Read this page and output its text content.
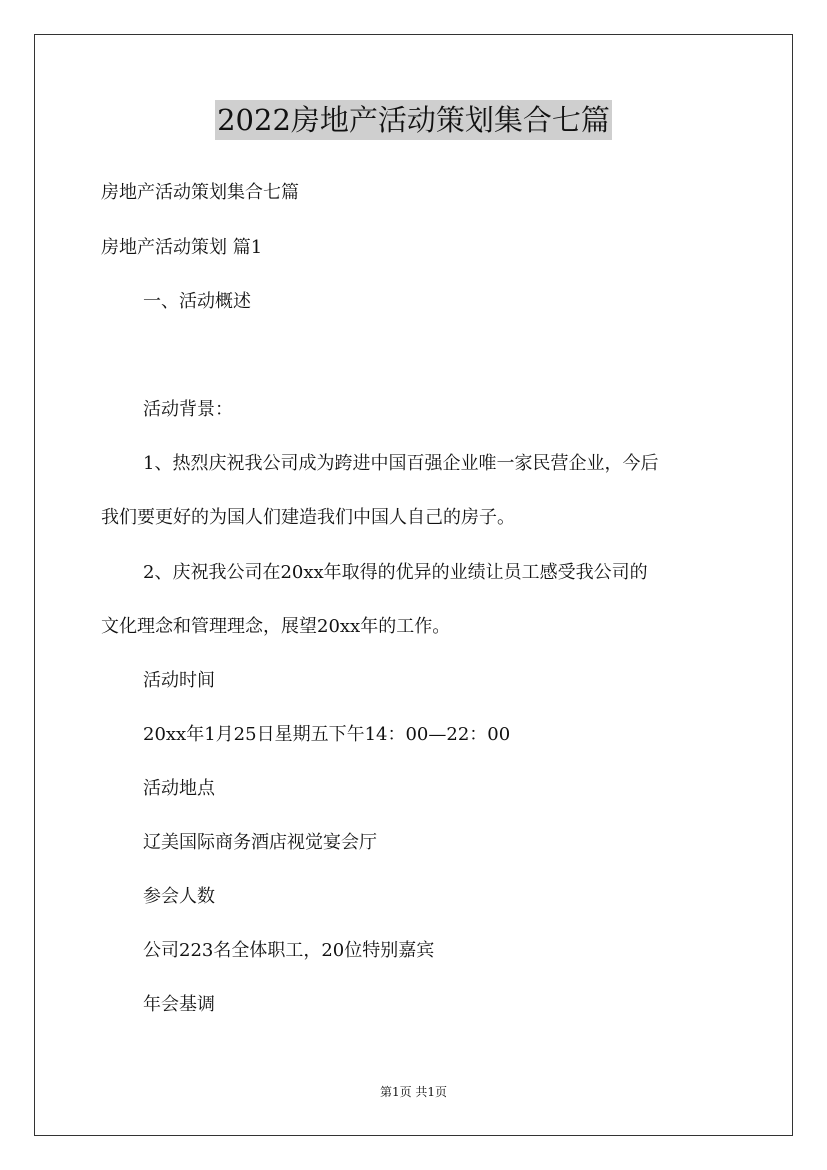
2022房地产活动策划集合七篇
房地产活动策划集合七篇
房地产活动策划 篇1
一、活动概述
活动背景：
1、热烈庆祝我公司成为跨进中国百强企业唯一家民营企业，今后
我们要更好的为国人们建造我们中国人自己的房子。
2、庆祝我公司在20xx年取得的优异的业绩让员工感受我公司的
文化理念和管理理念，展望20xx年的工作。
活动时间
20xx年1月25日星期五下午14：00—22：00
活动地点
辽美国际商务酒店视觉宴会厅
参会人数
公司223名全体职工，20位特别嘉宾
年会基调
第1页 共1页
